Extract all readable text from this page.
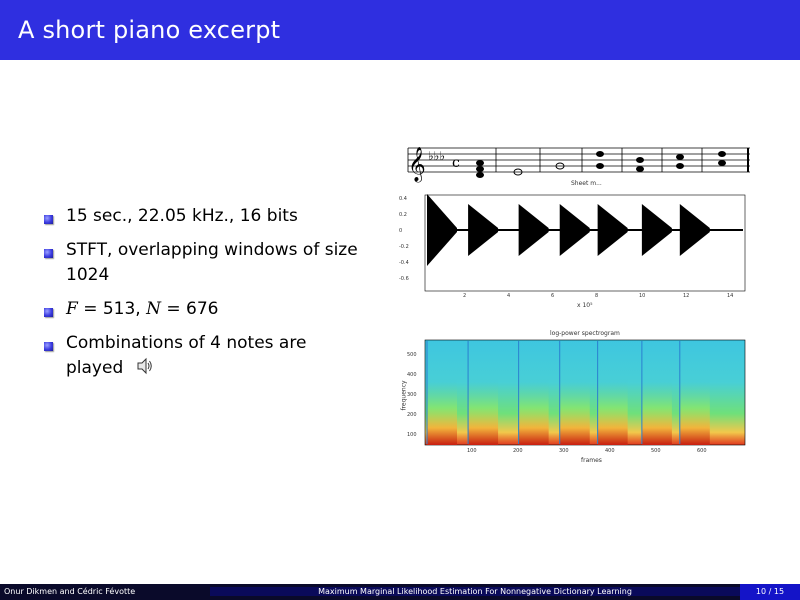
A short piano excerpt
15 sec., 22.05 kHz., 16 bits
STFT, overlapping windows of size 1024
F = 513, N = 676
Combinations of 4 notes are played
𝄞 ♭♭♭ c
Sheet m...
x 10⁵
log-power spectrogram
frames
frequency
0.4
0.2
0
-0.2
-0.4
-0.6
2	4	6	8	10	12	14
100
200
300
400
500
100	200	300	400	500	600
Onur Dikmen and Cédric Févotte	Maximum Marginal Likelihood Estimation For Nonnegative Dictionary Learning	10 / 15
